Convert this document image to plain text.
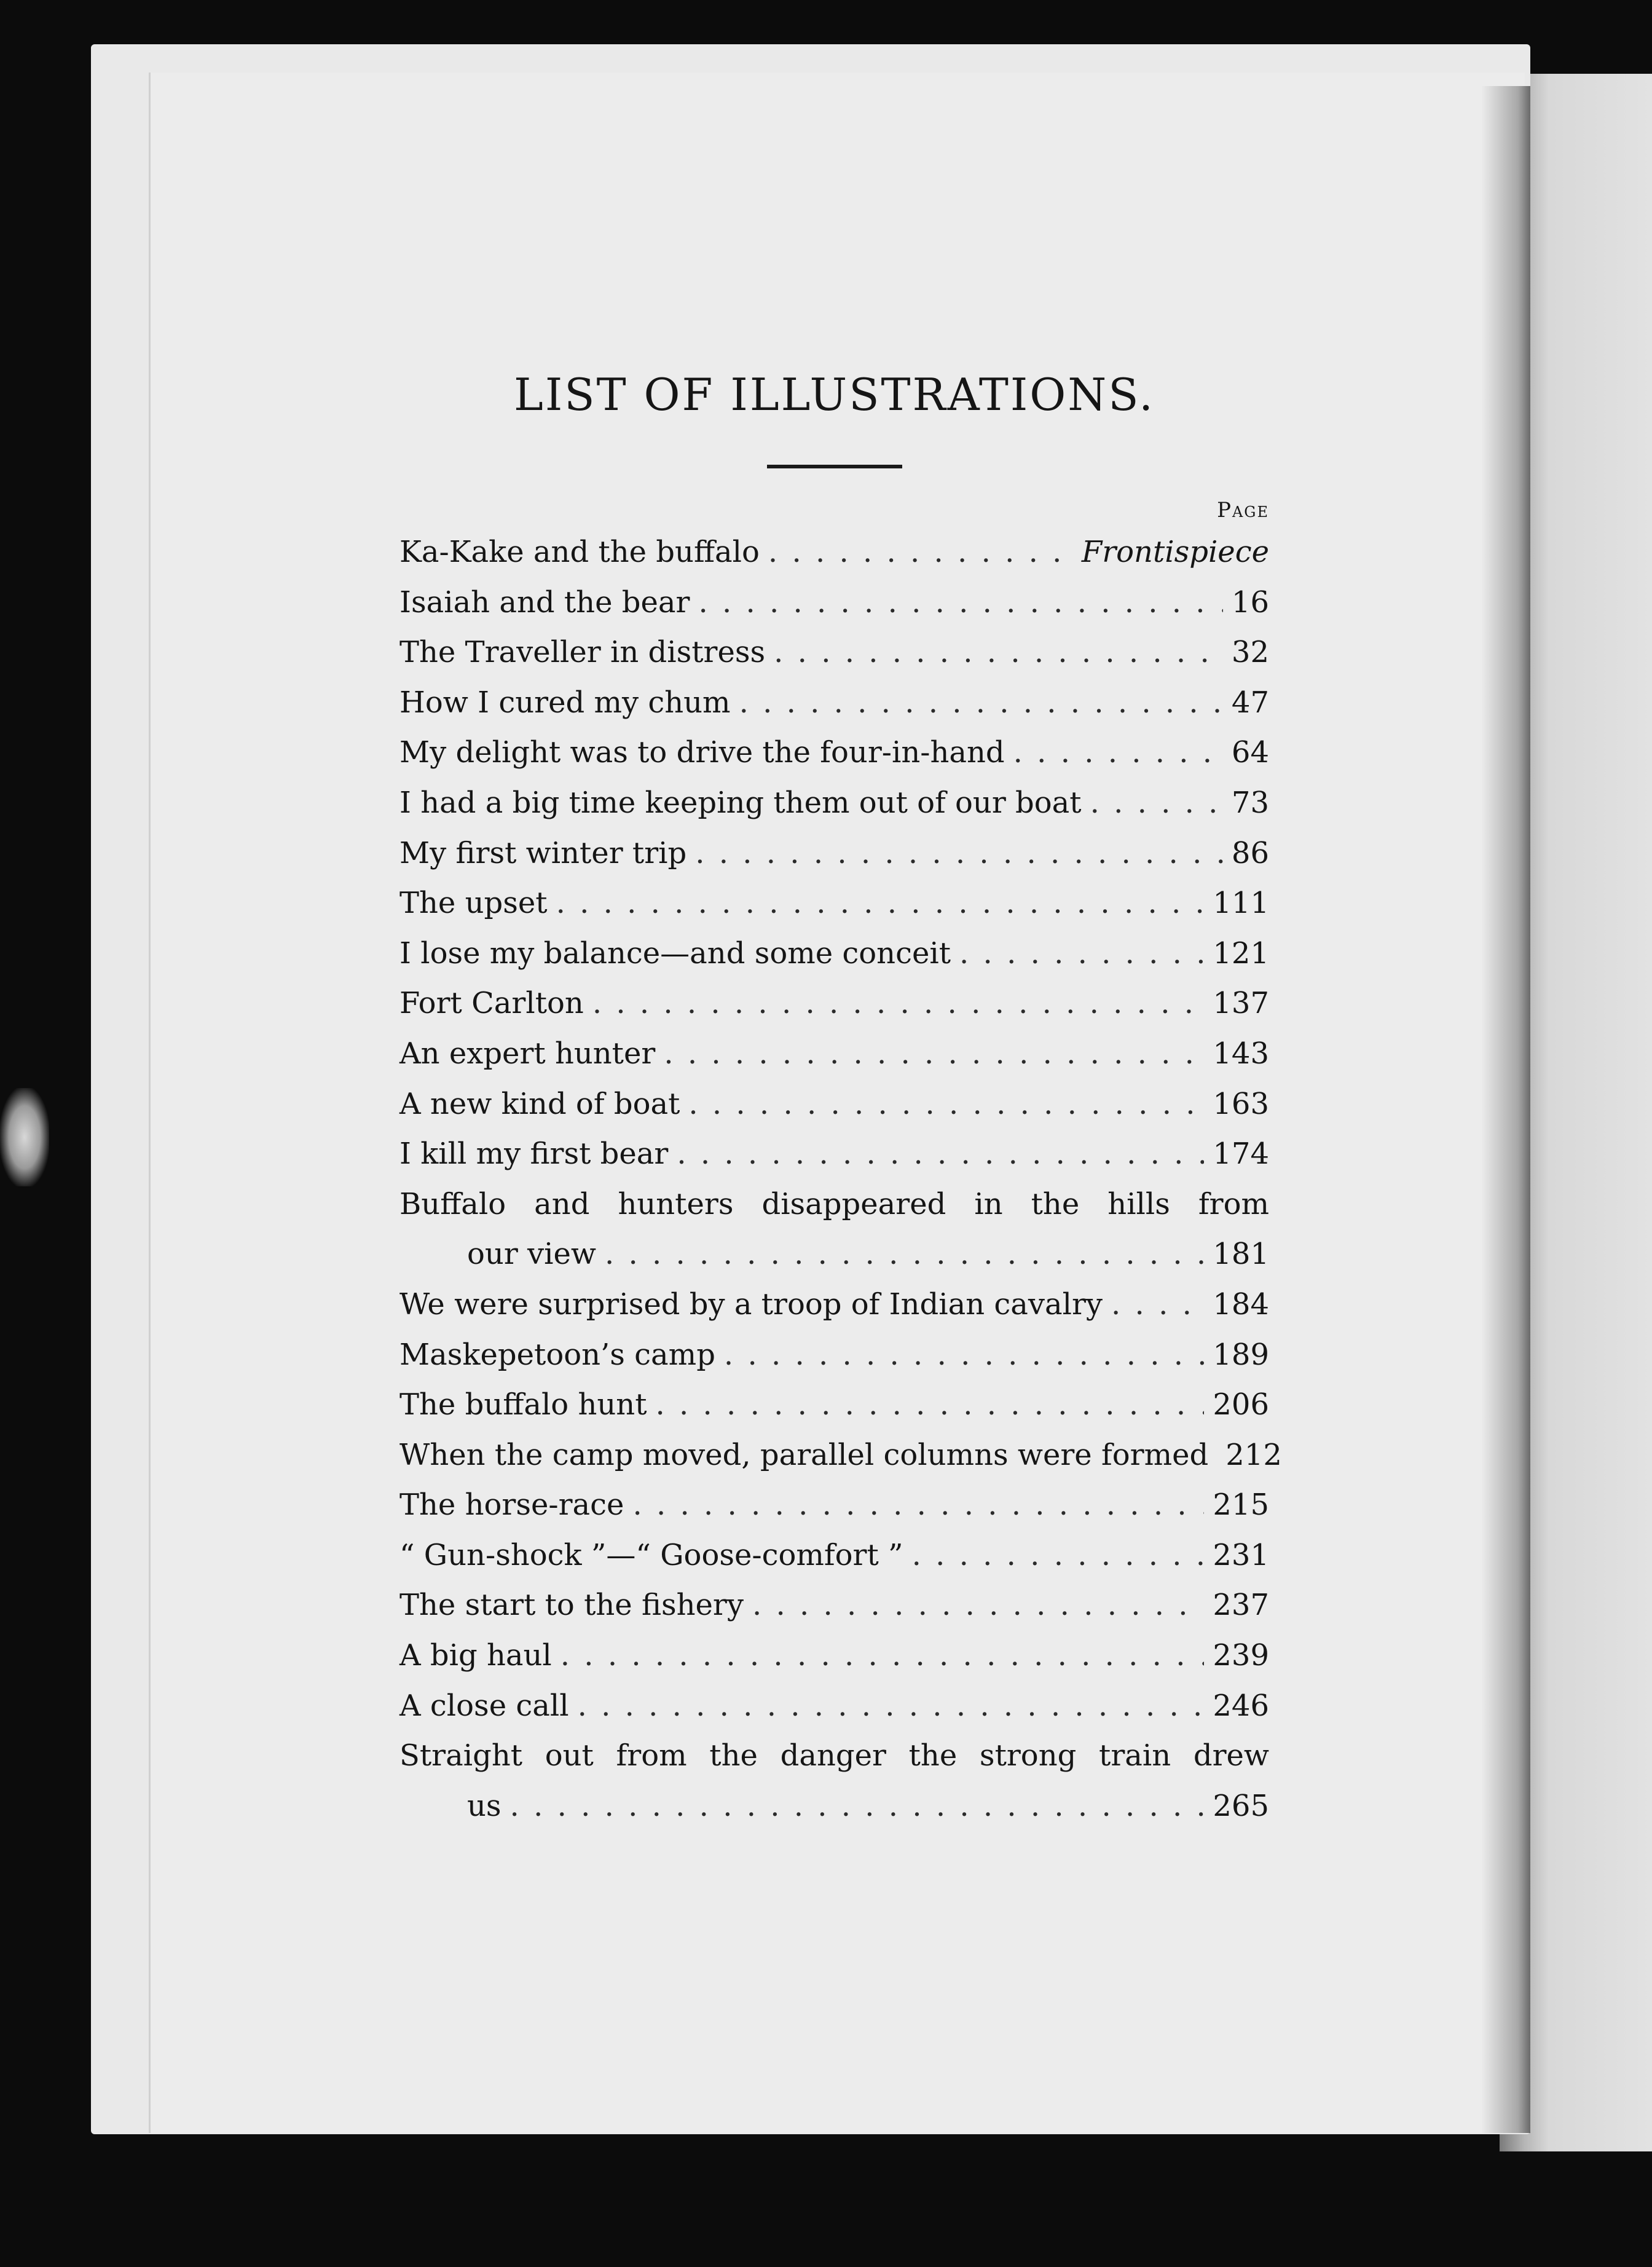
LIST OF ILLUSTRATIONS.
Page
Ka-Kake and the buffalo . .	Frontispiece
Isaiah and the bear . .	16
The Traveller in distress . .	32
How I cured my chum . .	47
My delight was to drive the four-in-hand . .	64
I had a big time keeping them out of our boat . .	73
My first winter trip . .	86
The upset . .	111
I lose my balance—and some conceit . .	121
Fort Carlton . .	137
An expert hunter . .	143
A new kind of boat . .	163
I kill my first bear . .	174
Buffalo and hunters disappeared in the hills from
our view . .	181
We were surprised by a troop of Indian cavalry . .	184
Maskepetoon’s camp . .	189
The buffalo hunt . .	206
When the camp moved, parallel columns were formed 212
The horse-race . .	215
“ Gun-shock ”—“ Goose-comfort ” . .	231
The start to the fishery . .	237
A big haul . .	239
A close call . .	246
Straight out from the danger the strong train drew
us . .	265
